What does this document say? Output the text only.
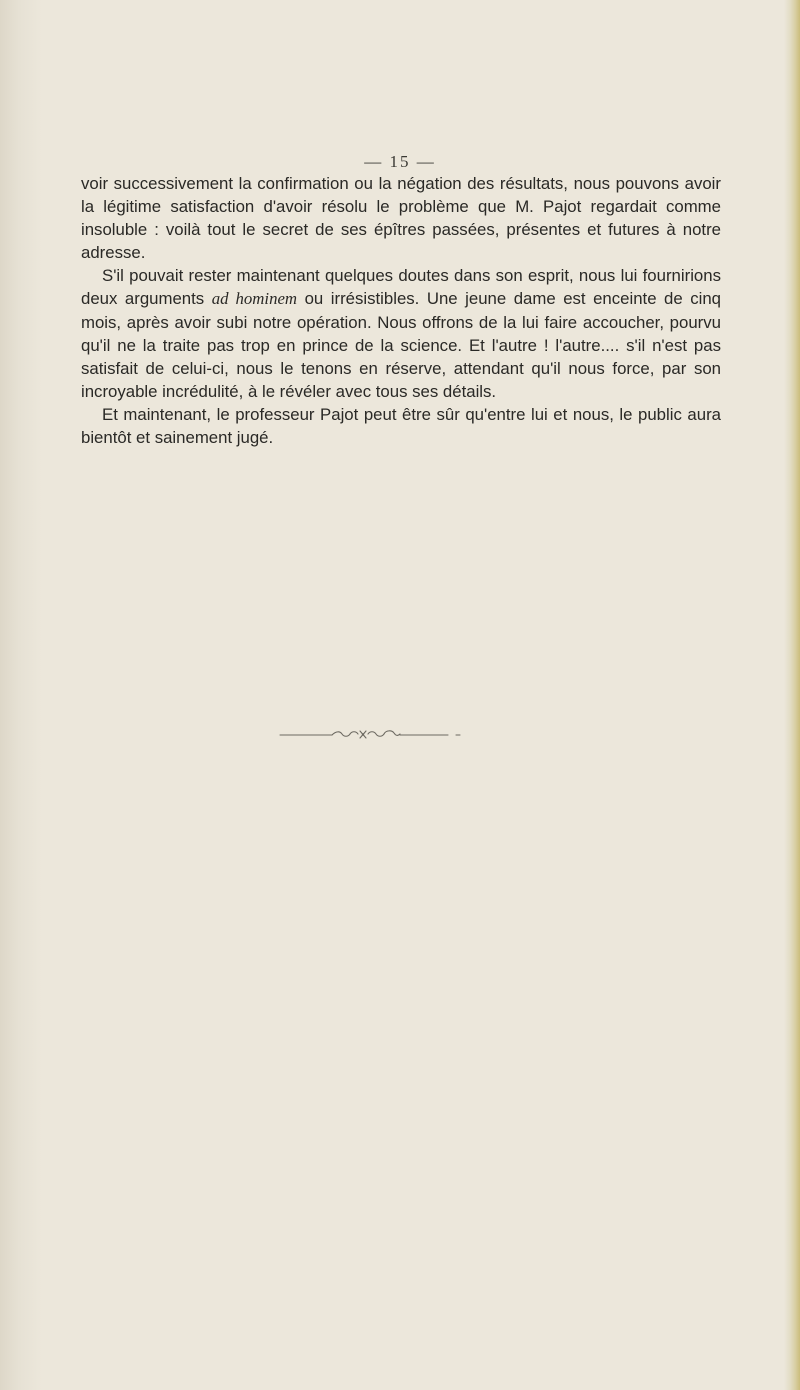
— 15 —

voir successivement la confirmation ou la négation des résultats, nous pouvons avoir la légitime satisfaction d'avoir résolu le problème que M. Pajot regardait comme insoluble : voilà tout le secret de ses épîtres passées, présentes et futures à notre adresse.

S'il pouvait rester maintenant quelques doutes dans son esprit, nous lui fournirions deux arguments ad hominem ou irrésistibles. Une jeune dame est enceinte de cinq mois, après avoir subi notre opération. Nous offrons de la lui faire accoucher, pourvu qu'il ne la traite pas trop en prince de la science. Et l'autre ! l'autre.... s'il n'est pas satisfait de celui-ci, nous le tenons en réserve, attendant qu'il nous force, par son incroyable incrédulité, à le révéler avec tous ses détails.

Et maintenant, le professeur Pajot peut être sûr qu'entre lui et nous, le public aura bientôt et sainement jugé.
